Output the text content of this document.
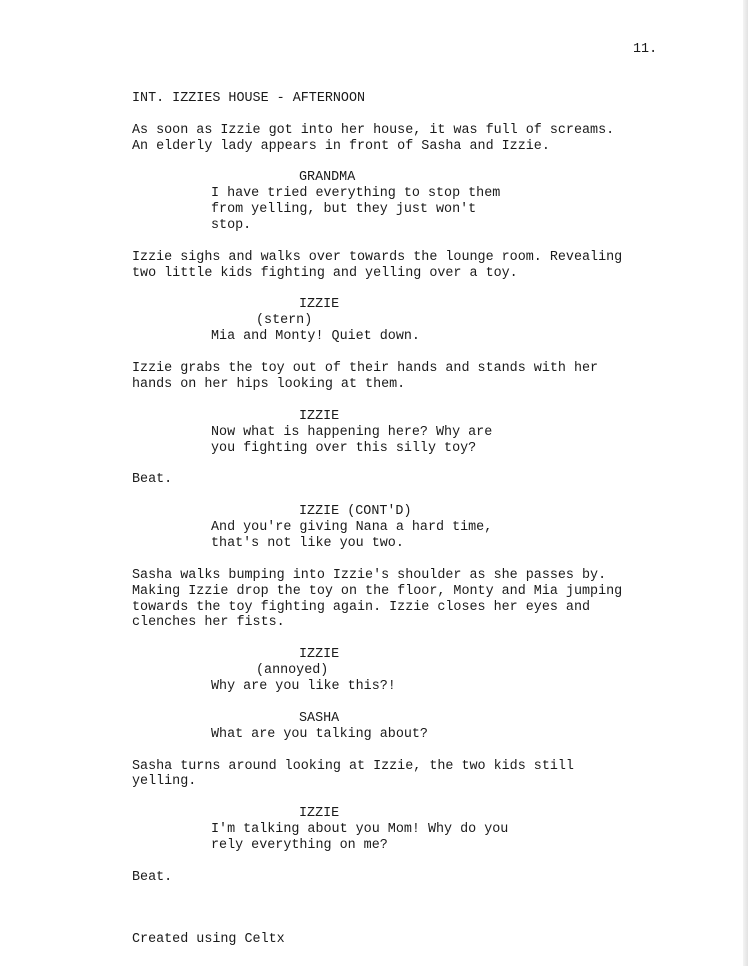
11.
INT. IZZIES HOUSE - AFTERNOON
As soon as Izzie got into her house, it was full of screams.
An elderly lady appears in front of Sasha and Izzie.
GRANDMA
I have tried everything to stop them
from yelling, but they just won't
stop.
Izzie sighs and walks over towards the lounge room. Revealing
two little kids fighting and yelling over a toy.
IZZIE
(stern)
Mia and Monty! Quiet down.
Izzie grabs the toy out of their hands and stands with her
hands on her hips looking at them.
IZZIE
Now what is happening here? Why are
you fighting over this silly toy?
Beat.
IZZIE (CONT'D)
And you're giving Nana a hard time,
that's not like you two.
Sasha walks bumping into Izzie's shoulder as she passes by.
Making Izzie drop the toy on the floor, Monty and Mia jumping
towards the toy fighting again. Izzie closes her eyes and
clenches her fists.
IZZIE
(annoyed)
Why are you like this?!
SASHA
What are you talking about?
Sasha turns around looking at Izzie, the two kids still
yelling.
IZZIE
I'm talking about you Mom! Why do you
rely everything on me?
Beat.
Created using Celtx
